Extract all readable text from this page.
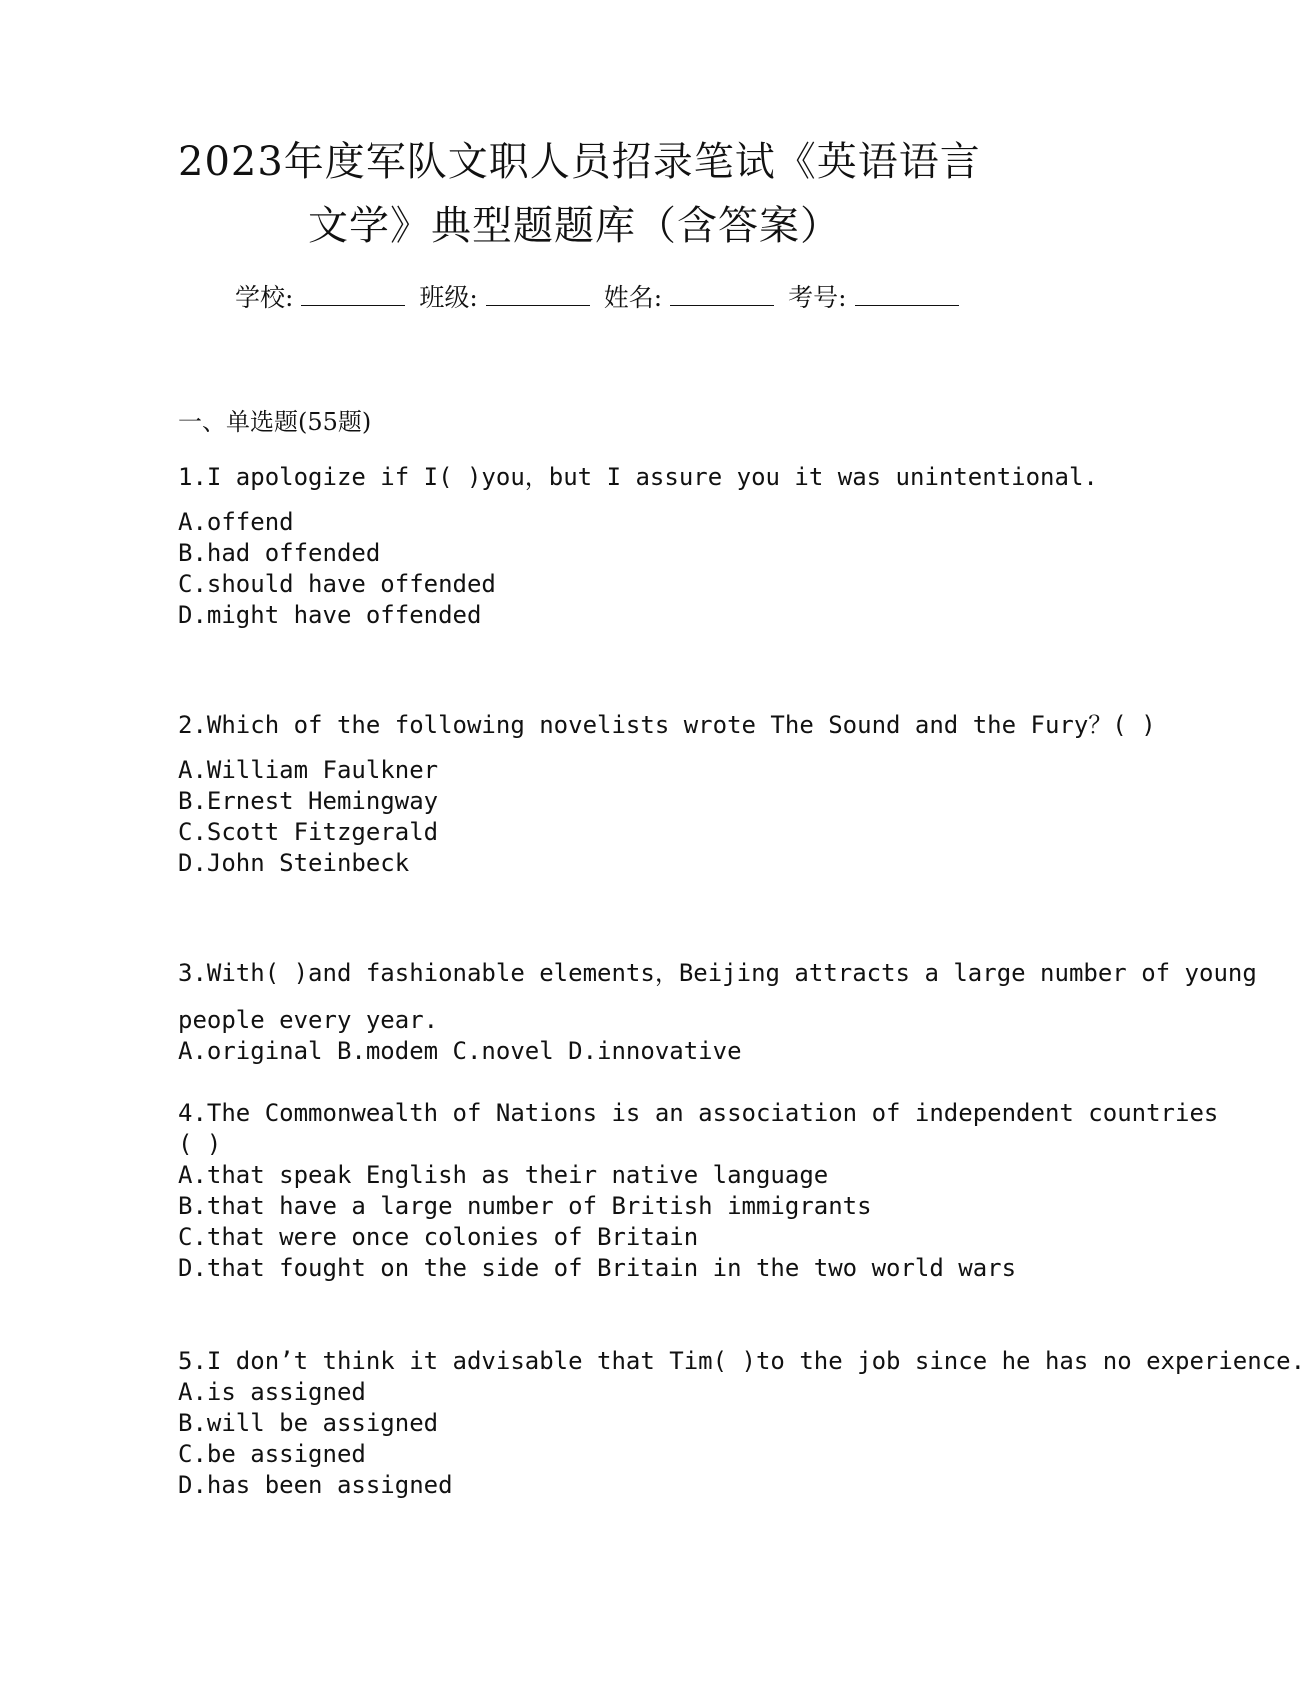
2023年度军队文职人员招录笔试《英语语言
文学》典型题题库（含答案）
学校:	班级:	姓名:	考号:
一、单选题(55题)
1.I apologize if I( )you，but I assure you it was unintentional.
A.offend
B.had offended
C.should have offended
D.might have offended
2.Which of the following novelists wrote The Sound and the Fury？( )
A.William Faulkner
B.Ernest Hemingway
C.Scott Fitzgerald
D.John Steinbeck
3.With( )and fashionable elements，Beijing attracts a large number of young
people every year.
A.original B.modem C.novel D.innovative
4.The Commonwealth of Nations is an association of independent countries
( )
A.that speak English as their native language
B.that have a large number of British immigrants
C.that were once colonies of Britain
D.that fought on the side of Britain in the two world wars
5.I don’t think it advisable that Tim( )to the job since he has no experience.
A.is assigned
B.will be assigned
C.be assigned
D.has been assigned
